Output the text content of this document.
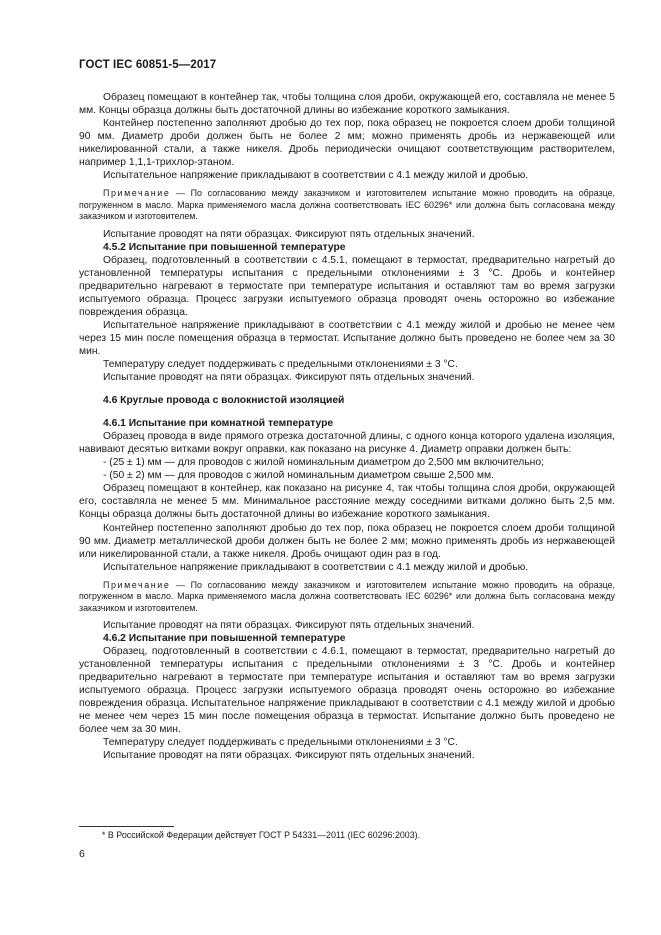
ГОСТ IEC 60851-5—2017

Образец помещают в контейнер так, чтобы толщина слоя дроби, окружающей его, составляла не менее 5 мм. Концы образца должны быть достаточной длины во избежание короткого замыкания.

Контейнер постепенно заполняют дробью до тех пор, пока образец не покроется слоем дроби толщиной 90 мм. Диаметр дроби должен быть не более 2 мм; можно применять дробь из нержавеющей или никелированной стали, а также никеля. Дробь периодически очищают соответствующим растворителем, например 1,1,1-трихлор-этаном.

Испытательное напряжение прикладывают в соответствии с 4.1 между жилой и дробью.

Примечание — По согласованию между заказчиком и изготовителем испытание можно проводить на образце, погруженном в масло. Марка применяемого масла должна соответствовать IEC 60296* или должна быть согласована между заказчиком и изготовителем.

Испытание проводят на пяти образцах. Фиксируют пять отдельных значений.

4.5.2 Испытание при повышенной температуре

Образец, подготовленный в соответствии с 4.5.1, помещают в термостат, предварительно нагретый до установленной температуры испытания с предельными отклонениями ± 3 °С. Дробь и контейнер предварительно нагревают в термостате при температуре испытания и оставляют там во время загрузки испытуемого образца. Процесс загрузки испытуемого образца проводят очень осторожно во избежание повреждения образца.

Испытательное напряжение прикладывают в соответствии с 4.1 между жилой и дробью не менее чем через 15 мин после помещения образца в термостат. Испытание должно быть проведено не более чем за 30 мин.

Температуру следует поддерживать с предельными отклонениями ± 3 °С.

Испытание проводят на пяти образцах. Фиксируют пять отдельных значений.

4.6 Круглые провода с волокнистой изоляцией

4.6.1 Испытание при комнатной температуре

Образец провода в виде прямого отрезка достаточной длины, с одного конца которого удалена изоляция, навивают десятью витками вокруг оправки, как показано на рисунке 4. Диаметр оправки должен быть:

- (25 ± 1) мм — для проводов с жилой номинальным диаметром до 2,500 мм включительно;

- (50 ± 2) мм — для проводов с жилой номинальным диаметром свыше 2,500 мм.

Образец помещают в контейнер, как показано на рисунке 4, так чтобы толщина слоя дроби, окружающей его, составляла не менее 5 мм. Минимальное расстояние между соседними витками должно быть 2,5 мм. Концы образца должны быть достаточной длины во избежание короткого замыкания.

Контейнер постепенно заполняют дробью до тех пор, пока образец не покроется слоем дроби толщиной 90 мм. Диаметр металлической дроби должен быть не более 2 мм; можно применять дробь из нержавеющей или никелированной стали, а также никеля. Дробь очищают один раз в год.

Испытательное напряжение прикладывают в соответствии с 4.1 между жилой и дробью.

Примечание — По согласованию между заказчиком и изготовителем испытание можно проводить на образце, погруженном в масло. Марка применяемого масла должна соответствовать IEC 60296* или должна быть согласована между заказчиком и изготовителем.

Испытание проводят на пяти образцах. Фиксируют пять отдельных значений.

4.6.2 Испытание при повышенной температуре

Образец, подготовленный в соответствии с 4.6.1, помещают в термостат, предварительно нагретый до установленной температуры испытания с предельными отклонениями ± 3 °С. Дробь и контейнер предварительно нагревают в термостате при температуре испытания и оставляют там во время загрузки испытуемого образца. Процесс загрузки испытуемого образца проводят очень осторожно во избежание повреждения образца. Испытательное напряжение прикладывают в соответствии с 4.1 между жилой и дробью не менее чем через 15 мин после помещения образца в термостат. Испытание должно быть проведено не более чем за 30 мин.

Температуру следует поддерживать с предельными отклонениями ± 3 °С.

Испытание проводят на пяти образцах. Фиксируют пять отдельных значений.

* В Российской Федерации действует ГОСТ Р 54331—2011 (IEC 60296:2003).
6
